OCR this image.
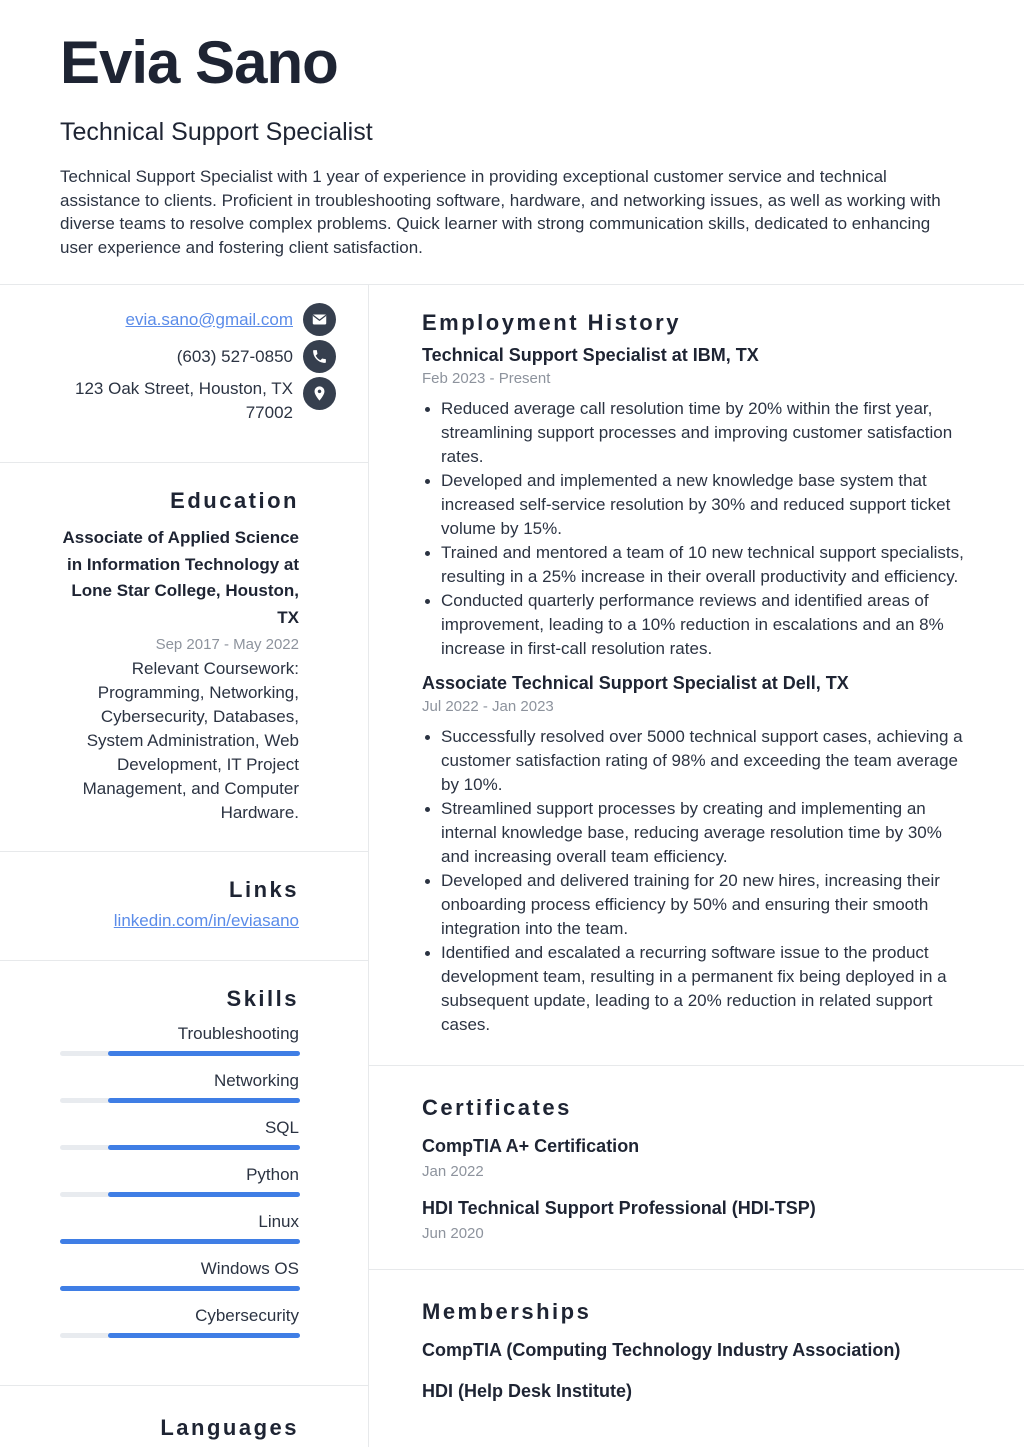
Evia Sano
Technical Support Specialist

Technical Support Specialist with 1 year of experience in providing exceptional customer service and technical assistance to clients. Proficient in troubleshooting software, hardware, and networking issues, as well as working with diverse teams to resolve complex problems. Quick learner with strong communication skills, dedicated to enhancing user experience and fostering client satisfaction.

evia.sano@gmail.com
(603) 527-0850
123 Oak Street, Houston, TX 77002
Education
Associate of Applied Science in Information Technology at Lone Star College, Houston, TX
Sep 2017 - May 2022
Relevant Coursework: Programming, Networking, Cybersecurity, Databases, System Administration, Web Development, IT Project Management, and Computer Hardware.
Links
linkedin.com/in/eviasano
Skills
Troubleshooting
Networking
SQL
Python
Linux
Windows OS
Cybersecurity
Languages
Employment History
Technical Support Specialist at IBM, TX
Feb 2023 - Present
Reduced average call resolution time by 20% within the first year, streamlining support processes and improving customer satisfaction rates.
Developed and implemented a new knowledge base system that increased self-service resolution by 30% and reduced support ticket volume by 15%.
Trained and mentored a team of 10 new technical support specialists, resulting in a 25% increase in their overall productivity and efficiency.
Conducted quarterly performance reviews and identified areas of improvement, leading to a 10% reduction in escalations and an 8% increase in first-call resolution rates.
Associate Technical Support Specialist at Dell, TX
Jul 2022 - Jan 2023
Successfully resolved over 5000 technical support cases, achieving a customer satisfaction rating of 98% and exceeding the team average by 10%.
Streamlined support processes by creating and implementing an internal knowledge base, reducing average resolution time by 30% and increasing overall team efficiency.
Developed and delivered training for 20 new hires, increasing their onboarding process efficiency by 50% and ensuring their smooth integration into the team.
Identified and escalated a recurring software issue to the product development team, resulting in a permanent fix being deployed in a subsequent update, leading to a 20% reduction in related support cases.
Certificates
CompTIA A+ Certification
Jan 2022
HDI Technical Support Professional (HDI-TSP)
Jun 2020
Memberships
CompTIA (Computing Technology Industry Association)
HDI (Help Desk Institute)
